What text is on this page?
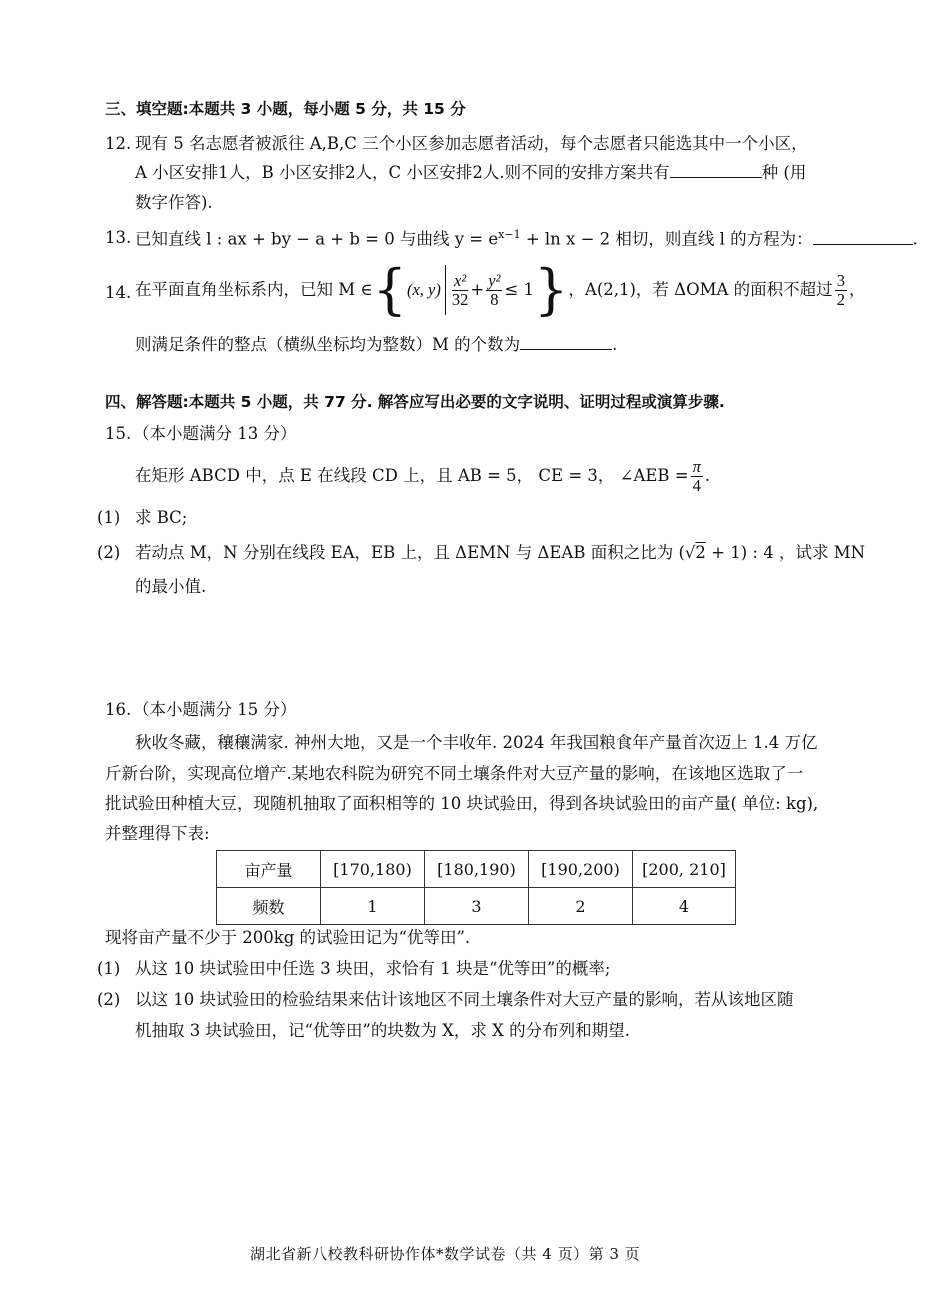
三、填空题:本题共 3 小题，每小题 5 分，共 15 分
12. 现有 5 名志愿者被派往 A,B,C 三个小区参加志愿者活动，每个志愿者只能选其中一个小区，
A 小区安排1人，B 小区安排2人，C 小区安排2人.则不同的安排方案共有	种 (用
数字作答).
13. 已知直线 l : ax + by − a + b = 0 与曲线 $y = e^{x-1} + \ln x - 2$ 相切，则直线 l 的方程为：	.
14. 在平面直角坐标系内，已知 M ∈ { (x, $y) \frac{\text{x²}}{32} + \frac{\text{y²}}{8} \le 1$ } ，A(2,1)，若 ΔOMA 的面积不超过 $\frac{3}{2}$ ，
则满足条件的整点（横纵坐标均为整数）M 的个数为	.
四、解答题:本题共 5 小题，共 77 分. 解答应写出必要的文字说明、证明过程或演算步骤.
15. （本小题满分 13 分）
在矩形 ABCD 中，点 E 在线段 CD 上，且 AB = 5， CE = 3， ∠AEB = $\frac{\pi}{4}$ .
(1) 求 BC;
(2) 若动点 M，N 分别在线段 EA，EB 上，且 ΔEMN 与 ΔEAB 面积之比为 (√2 + 1) : 4 ，试求 MN
的最小值.
16. （本小题满分 15 分）
秋收冬藏，穰穰满家. 神州大地，又是一个丰收年. 2024 年我国粮食年产量首次迈上 1.4 万亿
斤新台阶，实现高位增产.某地农科院为研究不同土壤条件对大豆产量的影响，在该地区选取了一
批试验田种植大豆，现随机抽取了面积相等的 10 块试验田，得到各块试验田的亩产量( 单位: kg),
并整理得下表:
亩产量	[170,180)	[180,190)	[190,200)	[200, 210]
频数	1	3	2	4
现将亩产量不少于 200kg 的试验田记为“优等田”.
(1) 从这 10 块试验田中任选 3 块田，求恰有 1 块是“优等田”的概率;
(2) 以这 10 块试验田的检验结果来估计该地区不同土壤条件对大豆产量的影响，若从该地区随
机抽取 3 块试验田，记“优等田”的块数为 X，求 X 的分布列和期望.
湖北省新八校教科研协作体*数学试卷（共 4 页）第 3 页
